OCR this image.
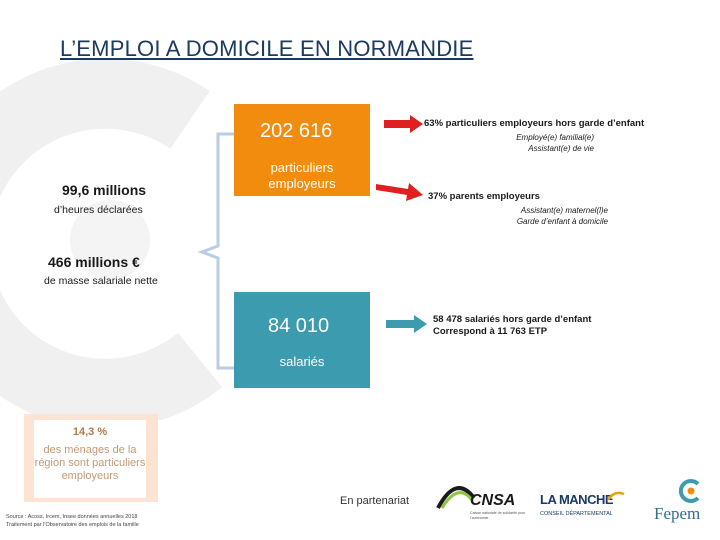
L’EMPLOI A DOMICILE EN NORMANDIE
99,6 millions
d’heures déclarées
466 millions €
de masse salariale nette
202 616
particuliers employeurs
84 010
salariés
63% particuliers employeurs hors garde d’enfant
Employé(e) familial(e)
Assistant(e) de vie
37% parents employeurs
Assistant(e) maternel(l)e
Garde d’enfant à domicile
58 478 salariés hors garde d’enfant
Correspond à 11 763 ETP
14,3 %
des ménages de la région sont particuliers employeurs
Source : Acoss, Ircem, Insee données annuelles 2018
Traitement par l’Observatoire des emplois de la famille
En partenariat	CNSA
Caisse nationale de solidarité pour l’autonomie
LA MANCHE
CONSEIL DÉPARTEMENTAL Fepem
